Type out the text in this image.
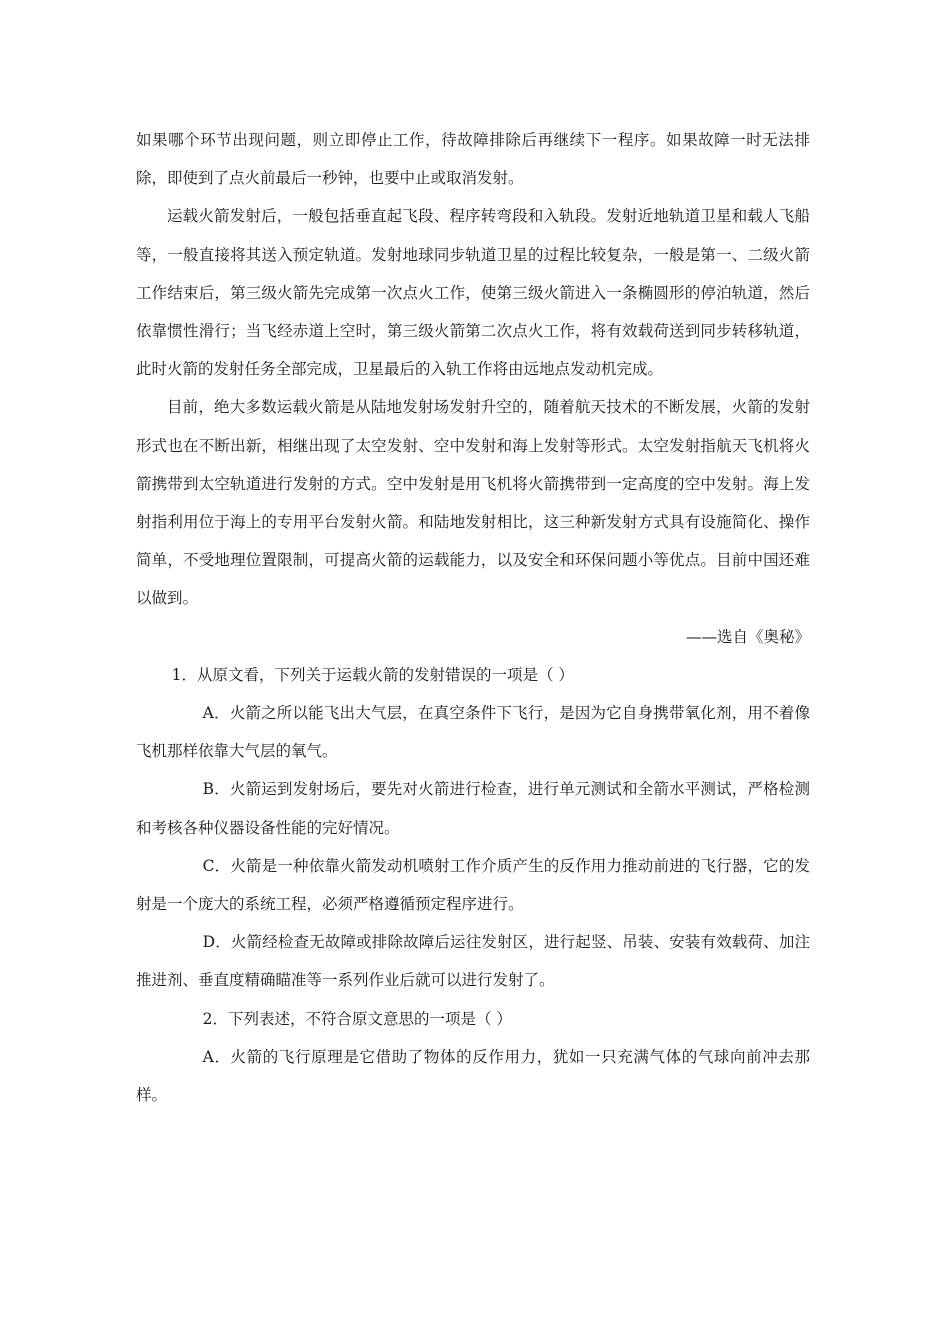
如果哪个环节出现问题，则立即停止工作，待故障排除后再继续下一程序。如果故障一时无法排除，即使到了点火前最后一秒钟，也要中止或取消发射。

运载火箭发射后，一般包括垂直起飞段、程序转弯段和入轨段。发射近地轨道卫星和载人飞船等，一般直接将其送入预定轨道。发射地球同步轨道卫星的过程比较复杂，一般是第一、二级火箭工作结束后，第三级火箭先完成第一次点火工作，使第三级火箭进入一条椭圆形的停泊轨道，然后依靠惯性滑行；当飞经赤道上空时，第三级火箭第二次点火工作，将有效载荷送到同步转移轨道，此时火箭的发射任务全部完成，卫星最后的入轨工作将由远地点发动机完成。

目前，绝大多数运载火箭是从陆地发射场发射升空的，随着航天技术的不断发展，火箭的发射形式也在不断出新，相继出现了太空发射、空中发射和海上发射等形式。太空发射指航天飞机将火箭携带到太空轨道进行发射的方式。空中发射是用飞机将火箭携带到一定高度的空中发射。海上发射指利用位于海上的专用平台发射火箭。和陆地发射相比，这三种新发射方式具有设施简化、操作简单，不受地理位置限制，可提高火箭的运载能力，以及安全和环保问题小等优点。目前中国还难以做到。

——选自《奥秘》

1．从原文看，下列关于运载火箭的发射错误的一项是（ ）

A．火箭之所以能飞出大气层，在真空条件下飞行，是因为它自身携带氧化剂，用不着像飞机那样依靠大气层的氧气。

B．火箭运到发射场后，要先对火箭进行检查，进行单元测试和全箭水平测试，严格检测和考核各种仪器设备性能的完好情况。

C．火箭是一种依靠火箭发动机喷射工作介质产生的反作用力推动前进的飞行器，它的发射是一个庞大的系统工程，必须严格遵循预定程序进行。

D．火箭经检查无故障或排除故障后运往发射区，进行起竖、吊装、安装有效载荷、加注推进剂、垂直度精确瞄准等一系列作业后就可以进行发射了。

2．下列表述，不符合原文意思的一项是（ ）

A．火箭的飞行原理是它借助了物体的反作用力，犹如一只充满气体的气球向前冲去那样。
